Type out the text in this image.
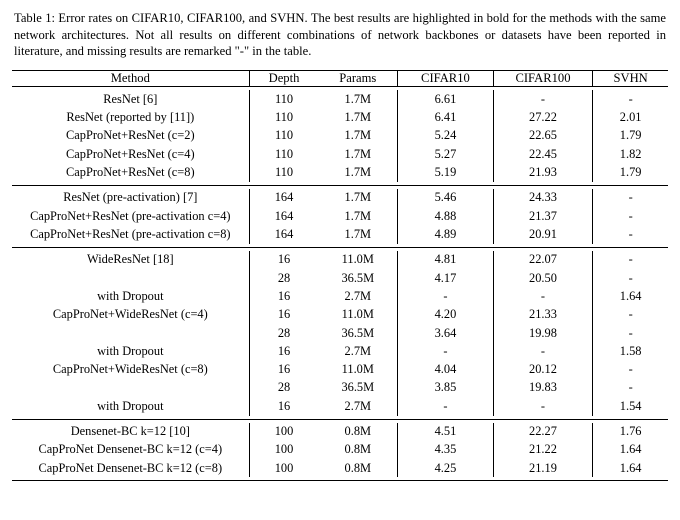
Table 1: Error rates on CIFAR10, CIFAR100, and SVHN. The best results are highlighted in bold for the methods with the same network architectures. Not all results on different combinations of network backbones or datasets have been reported in literature, and missing results are remarked "-" in the table.

Method	Depth	Params	CIFAR10	CIFAR100	SVHN

ResNet [6]	110	1.7M	6.61	-	-
ResNet (reported by [11])	110	1.7M	6.41	27.22	2.01
CapProNet+ResNet (c=2)	110	1.7M	5.24	22.65	1.79
CapProNet+ResNet (c=4)	110	1.7M	5.27	22.45	1.82
CapProNet+ResNet (c=8)	110	1.7M	5.19	21.93	1.79

ResNet (pre-activation) [7]	164	1.7M	5.46	24.33	-
CapProNet+ResNet (pre-activation c=4)	164	1.7M	4.88	21.37	-
CapProNet+ResNet (pre-activation c=8)	164	1.7M	4.89	20.91	-

WideResNet [18]	16	11.0M	4.81	22.07	-
	28	36.5M	4.17	20.50	-
with Dropout	16	2.7M	-	-	1.64
CapProNet+WideResNet (c=4)	16	11.0M	4.20	21.33	-
	28	36.5M	3.64	19.98	-
with Dropout	16	2.7M	-	-	1.58
CapProNet+WideResNet (c=8)	16	11.0M	4.04	20.12	-
	28	36.5M	3.85	19.83	-
with Dropout	16	2.7M	-	-	1.54

Densenet-BC k=12 [10]	100	0.8M	4.51	22.27	1.76
CapProNet Densenet-BC k=12 (c=4)	100	0.8M	4.35	21.22	1.64
CapProNet Densenet-BC k=12 (c=8)	100	0.8M	4.25	21.19	1.64
